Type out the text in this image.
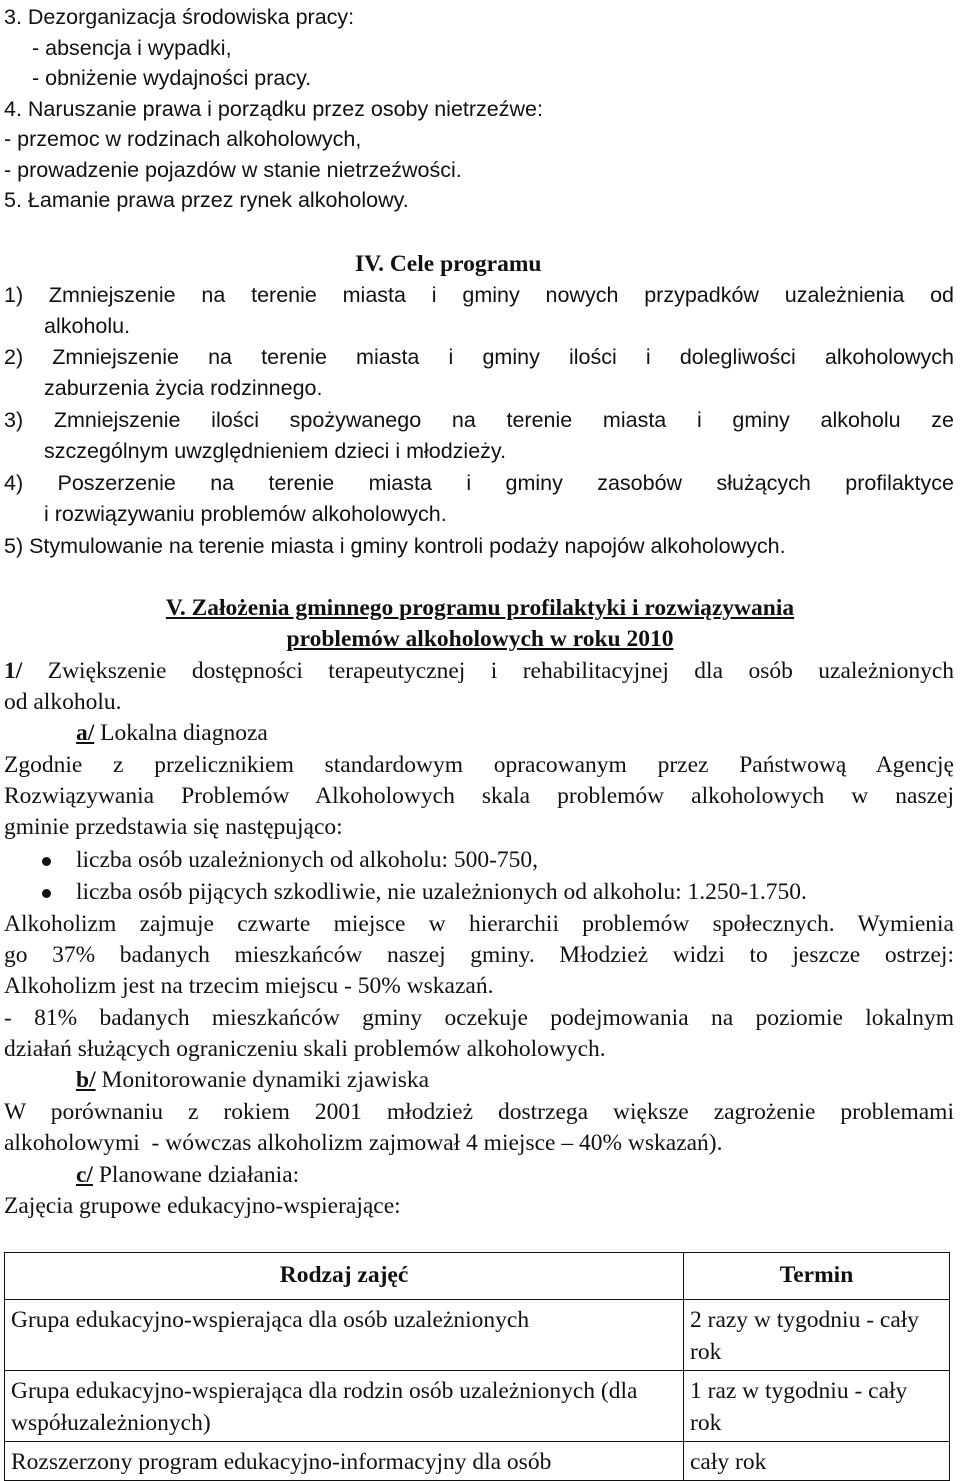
3. Dezorganizacja środowiska pracy:
- absencja i wypadki,
- obniżenie wydajności pracy.
4. Naruszanie prawa i porządku przez osoby nietrzeźwe:
- przemoc w rodzinach alkoholowych,
- prowadzenie pojazdów w stanie nietrzeźwości.
5. Łamanie prawa przez rynek alkoholowy.
IV. Cele programu
1) Zmniejszenie na terenie miasta i gminy nowych przypadków uzależnienia od
alkoholu.
2) Zmniejszenie na terenie miasta i gminy ilości i dolegliwości alkoholowych
zaburzenia życia rodzinnego.
3) Zmniejszenie ilości spożywanego na terenie miasta i gminy alkoholu ze
szczególnym uwzględnieniem dzieci i młodzieży.
4) Poszerzenie na terenie miasta i gminy zasobów służących profilaktyce
i rozwiązywaniu problemów alkoholowych.
5) Stymulowanie na terenie miasta i gminy kontroli podaży napojów alkoholowych.
V. Założenia gminnego programu profilaktyki i rozwiązywania
problemów alkoholowych w roku 2010
1/ Zwiększenie dostępności terapeutycznej i rehabilitacyjnej dla osób uzależnionych
od alkoholu.
a/ Lokalna diagnoza
Zgodnie z przelicznikiem standardowym opracowanym przez Państwową Agencję
Rozwiązywania Problemów Alkoholowych skala problemów alkoholowych w naszej
gminie przedstawia się następująco:
liczba osób uzależnionych od alkoholu: 500-750,
liczba osób pijących szkodliwie, nie uzależnionych od alkoholu: 1.250-1.750.
Alkoholizm zajmuje czwarte miejsce w hierarchii problemów społecznych. Wymienia
go 37% badanych mieszkańców naszej gminy. Młodzież widzi to jeszcze ostrzej:
Alkoholizm jest na trzecim miejscu - 50% wskazań.
- 81% badanych mieszkańców gminy oczekuje podejmowania na poziomie lokalnym
działań służących ograniczeniu skali problemów alkoholowych.
b/ Monitorowanie dynamiki zjawiska
W porównaniu z rokiem 2001 młodzież dostrzega większe zagrożenie problemami
alkoholowymi  - wówczas alkoholizm zajmował 4 miejsce – 40% wskazań).
c/ Planowane działania:
Zajęcia grupowe edukacyjno-wspierające:
Rodzaj zajęć	Termin
Grupa edukacyjno-wspierająca dla osób uzależnionych	2 razy w tygodniu - cały rok
Grupa edukacyjno-wspierająca dla rodzin osób uzależnionych (dla współuzależnionych)	1 raz w tygodniu - cały rok
Rozszerzony program edukacyjno-informacyjny dla osób	cały rok
